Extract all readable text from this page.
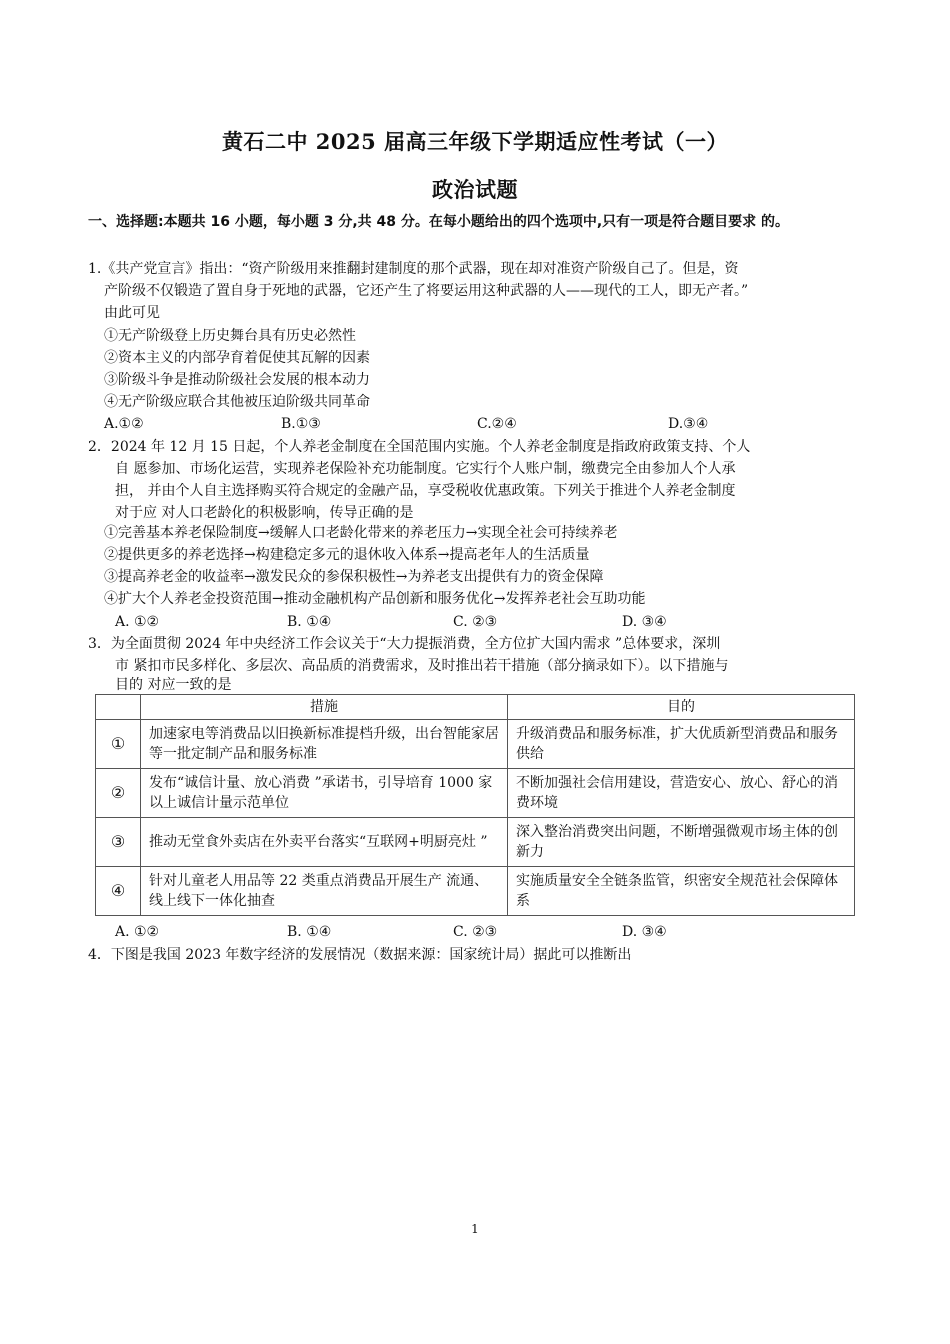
黄石二中 2025 届高三年级下学期适应性考试（一）
政治试题
一、选择题:本题共 16 小题，每小题 3 分,共 48 分。在每小题给出的四个选项中,只有一项是符合题目要求 的。
1.《共产党宣言》指出：“资产阶级用来推翻封建制度的那个武器，现在却对准资产阶级自己了。但是，资
产阶级不仅锻造了置自身于死地的武器，它还产生了将要运用这种武器的人——现代的工人，即无产者。”
由此可见
①无产阶级登上历史舞台具有历史必然性
②资本主义的内部孕育着促使其瓦解的因素
③阶级斗争是推动阶级社会发展的根本动力
④无产阶级应联合其他被压迫阶级共同革命
A.①②	B.①③	C.②④	D.③④
2．2024 年 12 月 15 日起，个人养老金制度在全国范围内实施。个人养老金制度是指政府政策支持、个人
自 愿参加、市场化运营，实现养老保险补充功能制度。它实行个人账户制，缴费完全由参加人个人承
担， 并由个人自主选择购买符合规定的金融产品，享受税收优惠政策。下列关于推进个人养老金制度
对于应 对人口老龄化的积极影响，传导正确的是
①完善基本养老保险制度→缓解人口老龄化带来的养老压力→实现全社会可持续养老
②提供更多的养老选择→构建稳定多元的退休收入体系→提高老年人的生活质量
③提高养老金的收益率→激发民众的参保积极性→为养老支出提供有力的资金保障
④扩大个人养老金投资范围→推动金融机构产品创新和服务优化→发挥养老社会互助功能
A. ①②	B. ①④	C. ②③	D. ③④
3．为全面贯彻 2024 年中央经济工作会议关于“大力提振消费，全方位扩大国内需求 ”总体要求，深圳
市 紧扣市民多样化、多层次、高品质的消费需求，及时推出若干措施（部分摘录如下）。以下措施与
目的 对应一致的是
	措施	目的
①	加速家电等消费品以旧换新标准提档升级，出台智能家居等一批定制产品和服务标准	升级消费品和服务标准，扩大优质新型消费品和服务供给
②	发布“诚信计量、放心消费 ”承诺书，引导培育 1000 家以上诚信计量示范单位	不断加强社会信用建设，营造安心、放心、舒心的消费环境
③	推动无堂食外卖店在外卖平台落实“互联网+明厨亮灶 ”	深入整治消费突出问题，不断增强微观市场主体的创新力
④	针对儿童老人用品等 22 类重点消费品开展生产 流通、线上线下一体化抽查	实施质量安全全链条监管，织密安全规范社会保障体系
A. ①②	B. ①④	C. ②③	D. ③④
4．下图是我国 2023 年数字经济的发展情况（数据来源：国家统计局）据此可以推断出
1
